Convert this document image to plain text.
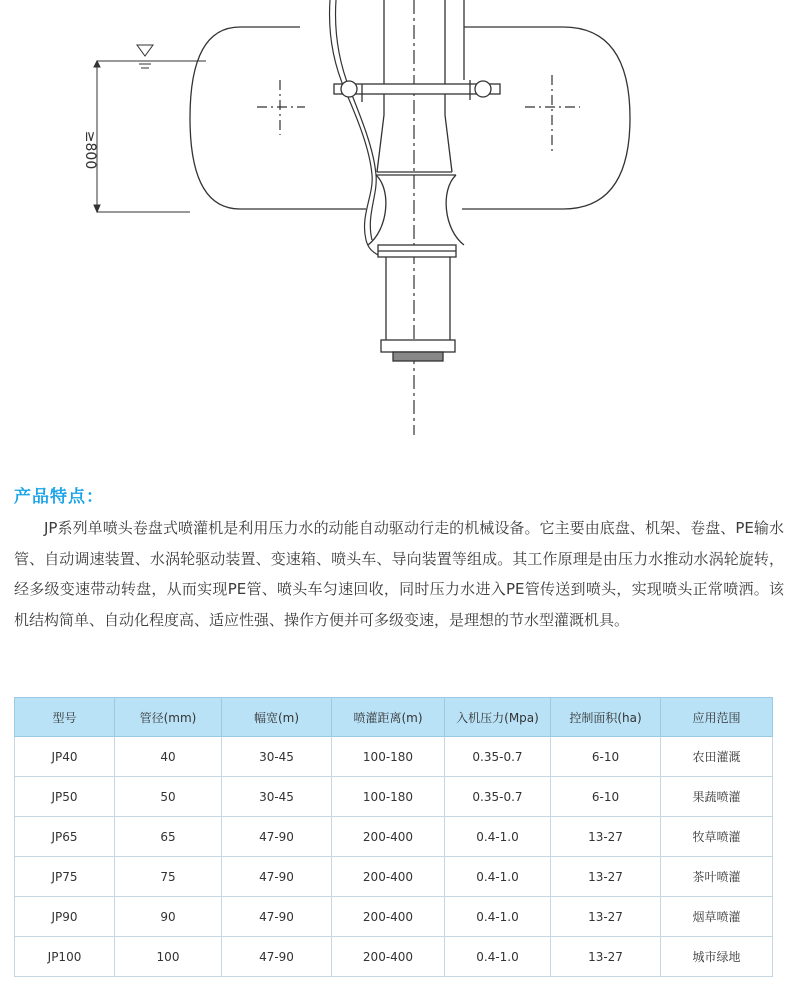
≥800
产品特点：

JP系列单喷头卷盘式喷灌机是利用压力水的动能自动驱动行走的机械设备。它主要由底盘、机架、卷盘、PE输水管、自动调速装置、水涡轮驱动装置、变速箱、喷头车、导向装置等组成。其工作原理是由压力水推动水涡轮旋转，经多级变速带动转盘，从而实现PE管、喷头车匀速回收，同时压力水进入PE管传送到喷头，实现喷头正常喷洒。该机结构简单、自动化程度高、适应性强、操作方便并可多级变速，是理想的节水型灌溉机具。

型号	管径(mm)	幅宽(m)	喷灌距离(m)	入机压力(Mpa)	控制面积(ha)	应用范围
JP40	40	30-45	100-180	0.35-0.7	6-10	农田灌溉
JP50	50	30-45	100-180	0.35-0.7	6-10	果蔬喷灌
JP65	65	47-90	200-400	0.4-1.0	13-27	牧草喷灌
JP75	75	47-90	200-400	0.4-1.0	13-27	茶叶喷灌
JP90	90	47-90	200-400	0.4-1.0	13-27	烟草喷灌
JP100	100	47-90	200-400	0.4-1.0	13-27	城市绿地
